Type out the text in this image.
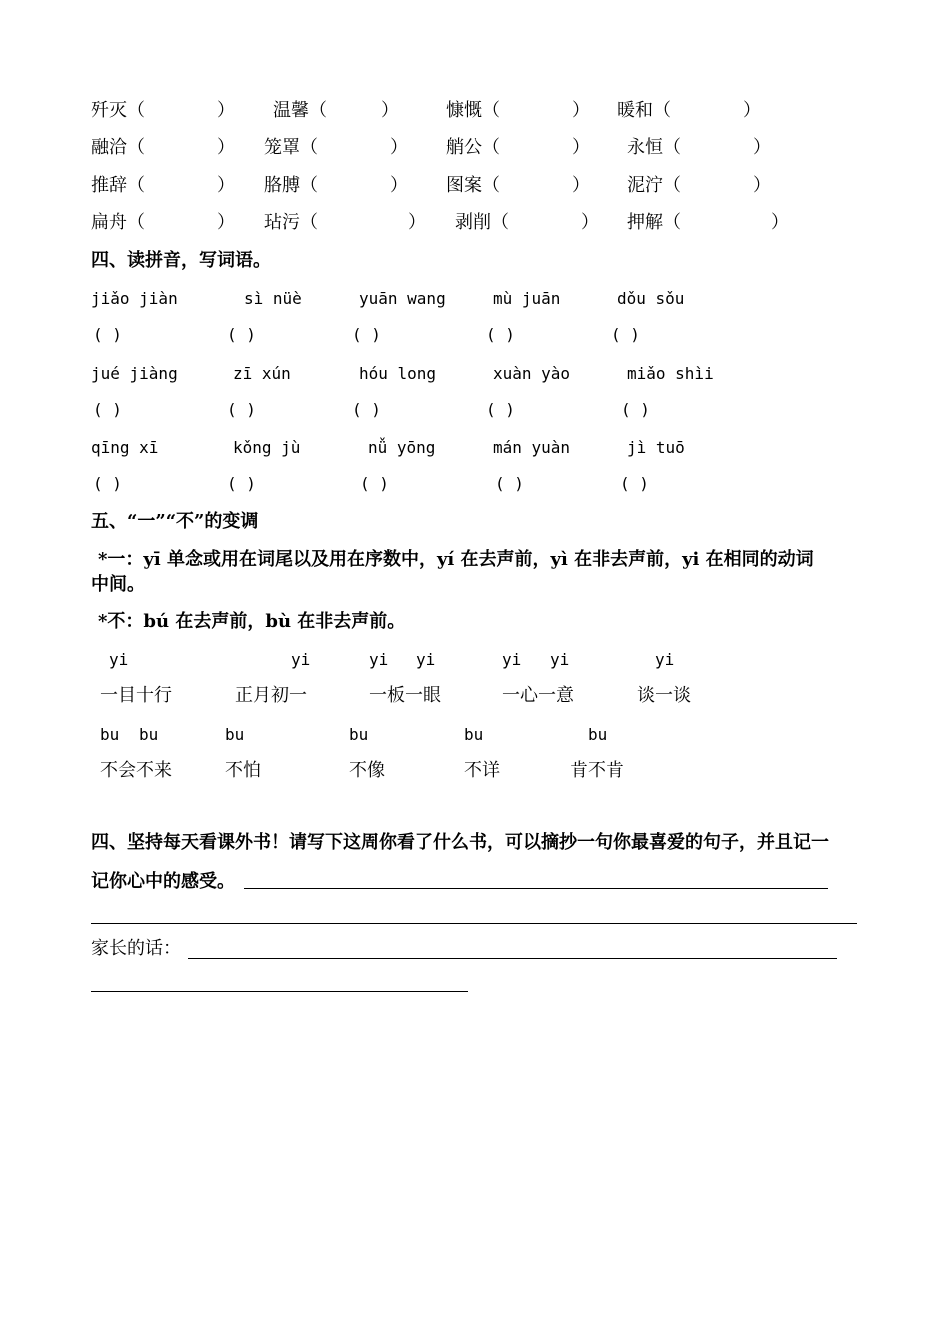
歼灭（　　　　） 温馨（　　　）	慷慨（　　　　） 暖和（　　　　）
融洽（　　　　） 笼罩（　　　　） 艄公（　　　　） 永恒（　　　　）
推辞（　　　　） 胳膊（　　　　） 图案（　　　　） 泥泞（　　　　）
扁舟（　　　　） 玷污（　　　　　） 剥削（　　　　） 押解（　　　　　）
四、读拼音，写词语。
jiǎo jiàn	sì nüè	yuān wang	mù juān	dǒu sǒu
( )	( )	( )	( )	( )
jué jiàng	zī xún	hóu long	xuàn yào	miǎo shìi
( )	( )	( )	( )	( )
qīng xī	kǒng jù	nǚ yōng	mán yuàn	jì tuō
( )	( )	( )	( )	( )
五、“一”“不”的变调
*一：yī 单念或用在词尾以及用在序数中，yí 在去声前，yì 在非去声前，yi 在相同的动词
中间。
*不：bú 在去声前，bù 在非去声前。
yi	yi	yi yi	yi yi	yi
一目十行	正月初一	一板一眼	一心一意	谈一谈
bu bu	bu	bu	bu	bu
不会不来	不怕	不像	不详	肯不肯
四、坚持每天看课外书！请写下这周你看了什么书，可以摘抄一句你最喜爱的句子，并且记一
记你心中的感受。
家长的话：
